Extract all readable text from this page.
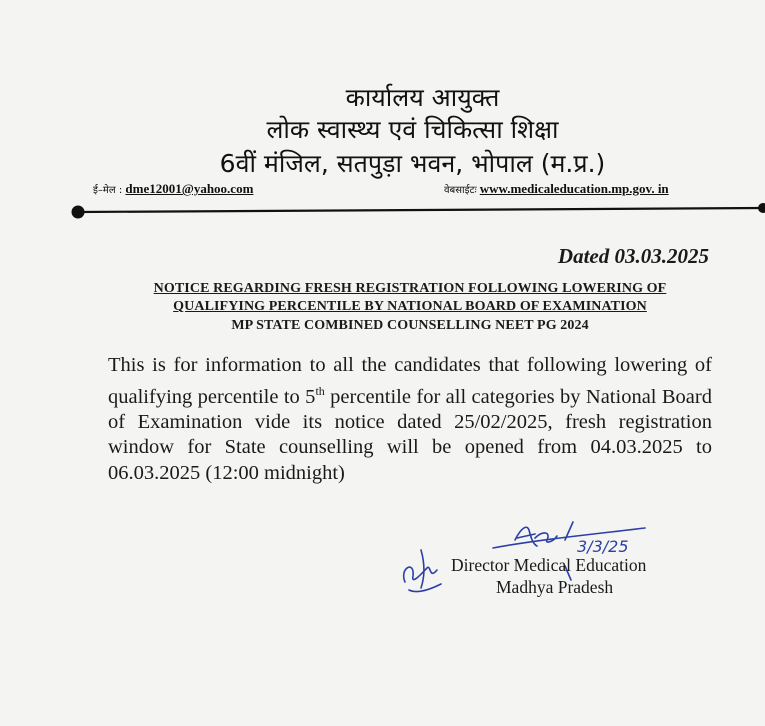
कार्यालय आयुक्त
लोक स्वास्थ्य एवं चिकित्सा शिक्षा
6वीं मंजिल, सतपुड़ा भवन, भोपाल (म.प्र.)
ई–मेल : dme12001@yahoo.com	वेबसाईटः www.medicaleducation.mp.gov. in
Dated 03.03.2025
NOTICE REGARDING FRESH REGISTRATION FOLLOWING LOWERING OF
QUALIFYING PERCENTILE BY NATIONAL BOARD OF EXAMINATION
MP STATE COMBINED COUNSELLING NEET PG 2024
This is for information to all the candidates that following lowering of qualifying percentile to 5th percentile for all categories by National Board of Examination vide its notice dated 25/02/2025, fresh registration window for State counselling will be opened from 04.03.2025 to 06.03.2025 (12:00 midnight)
3/3/25
Director Medical Education
Madhya Pradesh
